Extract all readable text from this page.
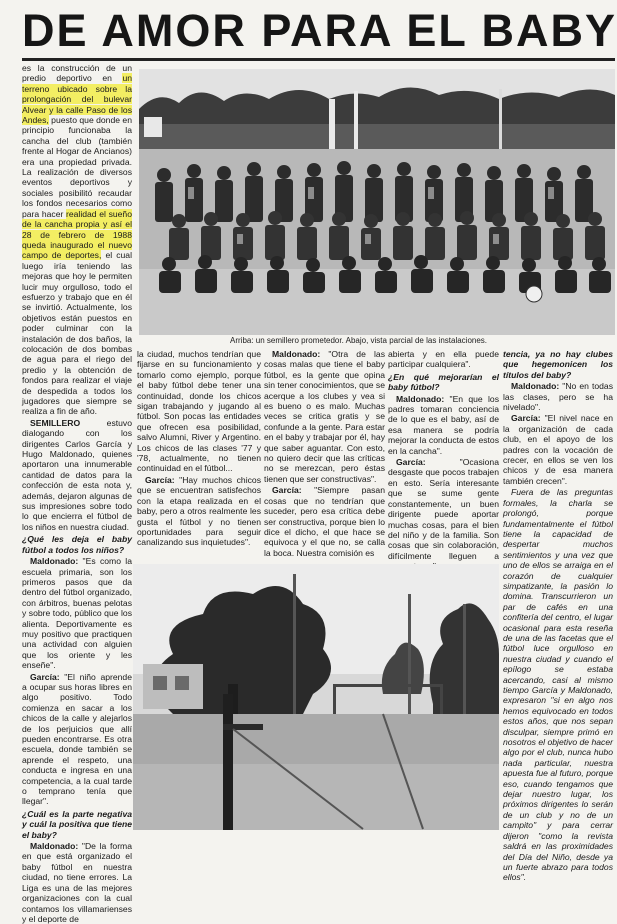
DE AMOR PARA EL BABY
Arriba: un semillero prometedor. Abajo, vista parcial de las instalaciones.

es la construcción de un predio deportivo en un terreno ubicado sobre la prolongación del bulevar Alvear y la calle Paso de los Andes, puesto que donde en principio funcionaba la cancha del club (también frente al Hogar de Ancianos) era una propiedad privada. La realización de diversos eventos deportivos y sociales posibilitó recaudar los fondos necesarios como para hacer realidad el sueño de la cancha propia y así el 28 de febrero de 1988 queda inaugurado el nuevo campo de deportes, el cual luego iría teniendo las mejoras que hoy le permiten lucir muy orgulloso, todo el esfuerzo y trabajo que en él se invirtió. Actualmente, los objetivos están puestos en poder culminar con la instalación de dos baños, la colocación de dos bombas de agua para el riego del predio y la obtención de fondos para realizar el viaje de despedida a todos los jugadores que siempre se realiza a fin de año.

SEMILLERO estuvo dialogando con los dirigentes Carlos García y Hugo Maldonado, quienes aportaron una innumerable cantidad de datos para la confección de esta nota y, además, dejaron algunas de sus impresiones sobre todo lo que encierra el fútbol de los niños en nuestra ciudad.

¿Qué les deja el baby fútbol a todos los niños?

Maldonado: "Es como la escuela primaria, son los primeros pasos que da dentro del fútbol organizado, con árbitros, buenas pelotas y sobre todo, público que los alienta. Deportivamente es muy positivo que practiquen una actividad con alguien que los oriente y les enseñe".

García: "El niño aprende a ocupar sus horas libres en algo positivo. Todo comienza en sacar a los chicos de la calle y alejarlos de los perjuicios que allí pueden encontrarse. Es otra escuela, donde también se aprende el respeto, una conducta e ingresa en una competencia, a la cual tarde o temprano tenía que llegar".

¿Cuál es la parte negativa y cuál la positiva que tiene el baby?

Maldonado: "De la forma en que está organizado el baby fútbol en nuestra ciudad, no tiene errores. La Liga es una de las mejores organizaciones con la cual contamos los villamarienses y el deporte de

la ciudad, muchos tendrían que fijarse en su funcionamiento y tomarlo como ejemplo, porque el baby fútbol debe tener una continuidad, donde los chicos sigan trabajando y jugando al fútbol. Son pocas las entidades que ofrecen esa posibilidad, salvo Alumni, River y Argentino. Los chicos de las clases '77 y '78, actualmente, no tienen continuidad en el fútbol...

García: "Hay muchos chicos que se encuentran satisfechos con la etapa realizada en el baby, pero a otros realmente les gusta el fútbol y no tienen oportunidades para seguir canalizando sus inquietudes".

Maldonado: "Otra de las cosas malas que tiene el baby fútbol, es la gente que opina sin tener conocimientos, que se acerque a los clubes y vea si es bueno o es malo. Muchas veces se critica gratis y se confunde a la gente. Para estar en el baby y trabajar por él, hay que saber aguantar. Con esto, no quiero decir que las críticas no se merezcan, pero éstas tienen que ser constructivas".

García: "Siempre pasan cosas que no tendrían que suceder, pero esa crítica debe ser constructiva, porque bien lo dice el dicho, el que hace se equivoca y el que no, se calla la boca. Nuestra comisión es

abierta y en ella puede participar cualquiera".

¿En qué mejorarían el baby fútbol?

Maldonado: "En que los padres tomaran conciencia de lo que es el baby, así de esa manera se podría mejorar la conducta de estos en la cancha".

García:	"Ocasiona desgaste que pocos trabajen en esto. Sería interesante que se sume gente constantemente, un buen dirigente puede aportar muchas cosas, para el bien del niño y de la familia. Son cosas que sin colaboración, difícilmente lleguen a

tencia, ya no hay clubes que hegemonicen los títulos del baby?

Maldonado: "No en todas las clases, pero se ha nivelado".

García: "El nivel nace en la organización de cada club, en el apoyo de los padres con la vocación de crecer, en ellos se ven los chicos y de esa manera también crecen".

Fuera de las preguntas formales, la charla se prolongó, porque fundamentalmente el fútbol tiene la capacidad de despertar muchos sentimientos y una vez que uno de ellos se arraiga en el corazón de cualquier simpatizante, la pasión lo domina. Transcurrieron un par de cafés en una confitería del centro, el lugar ocasional para esta reseña de una de las facetas que el fútbol luce orgulloso en nuestra ciudad y cuando el epílogo se estaba acercando, casi al mismo tiempo García y Maldonado, expresaron "si en algo nos hemos equivocado en todos estos años, que nos sepan disculpar, siempre primó en nosotros el objetivo de hacer algo por el club, nunca hubo nada particular, nuestra apuesta fue al futuro, porque eso, cuando tengamos que dejar nuestro lugar, los próximos dirigentes lo serán de un club y no de un campito" y para cerrar dijeron "como la revista saldrá en las proximidades del Día del Niño, desde ya un fuerte abrazo para todos ellos".
